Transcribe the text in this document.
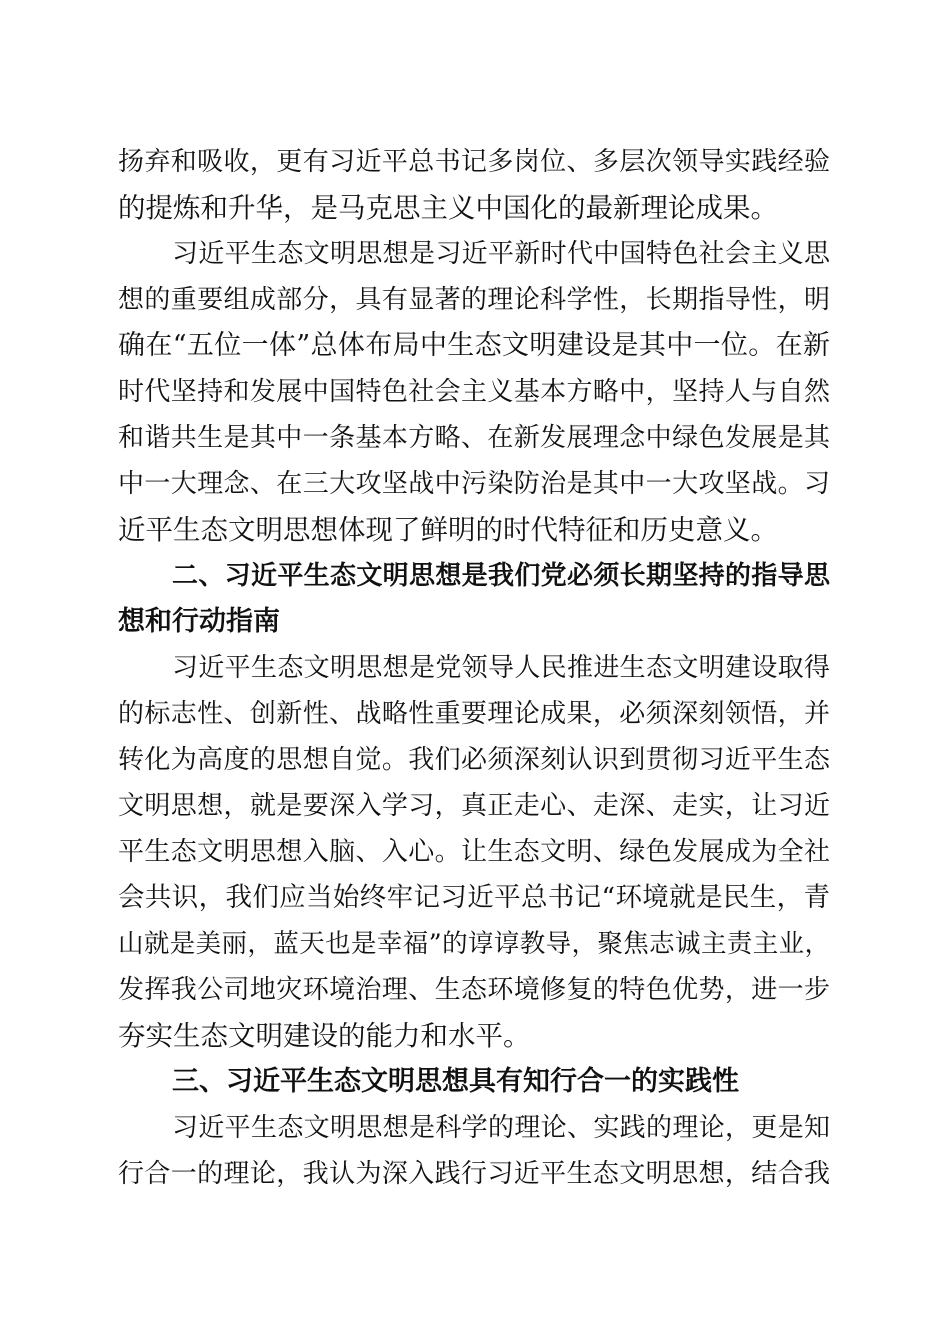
扬弃和吸收，更有习近平总书记多岗位、多层次领导实践经验
的提炼和升华，是马克思主义中国化的最新理论成果。
习近平生态文明思想是习近平新时代中国特色社会主义思
想的重要组成部分，具有显著的理论科学性，长期指导性，明
确在“五位一体”总体布局中生态文明建设是其中一位。在新
时代坚持和发展中国特色社会主义基本方略中，坚持人与自然
和谐共生是其中一条基本方略、在新发展理念中绿色发展是其
中一大理念、在三大攻坚战中污染防治是其中一大攻坚战。习
近平生态文明思想体现了鲜明的时代特征和历史意义。
二、习近平生态文明思想是我们党必须长期坚持的指导思
想和行动指南
习近平生态文明思想是党领导人民推进生态文明建设取得
的标志性、创新性、战略性重要理论成果，必须深刻领悟，并
转化为高度的思想自觉。我们必须深刻认识到贯彻习近平生态
文明思想，就是要深入学习，真正走心、走深、走实，让习近
平生态文明思想入脑、入心。让生态文明、绿色发展成为全社
会共识，我们应当始终牢记习近平总书记“环境就是民生，青
山就是美丽，蓝天也是幸福”的谆谆教导，聚焦志诚主责主业，
发挥我公司地灾环境治理、生态环境修复的特色优势，进一步
夯实生态文明建设的能力和水平。
三、习近平生态文明思想具有知行合一的实践性
习近平生态文明思想是科学的理论、实践的理论，更是知
行合一的理论，我认为深入践行习近平生态文明思想，结合我
